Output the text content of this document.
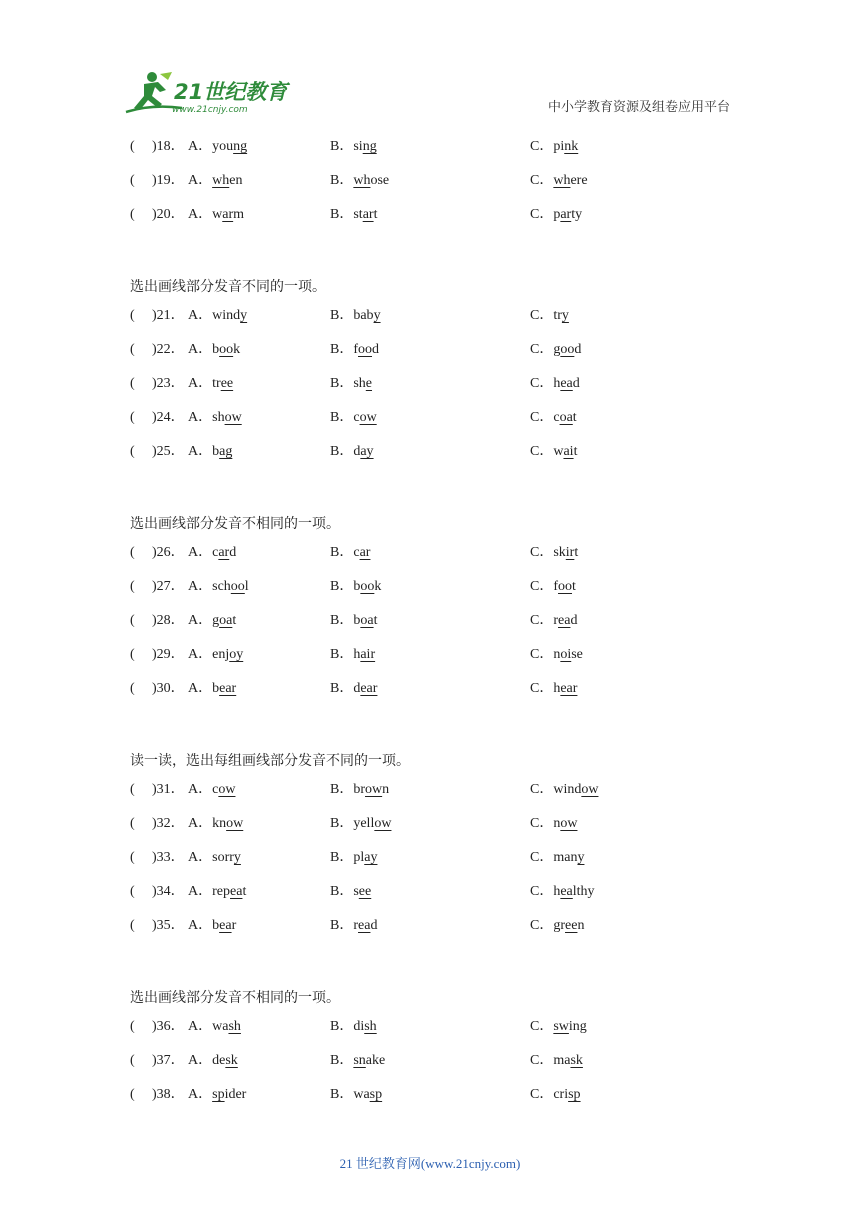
21世纪教育
www.21cnjy.com	中小学教育资源及组卷应用平台
( )18． A．young	B．sing	C．pink
( )19． A．when	B．whose	C．where
( )20． A．warm	B．start	C．party
选出画线部分发音不同的一项。
( )21． A．windy	B．baby	C．try
( )22． A．book	B．food	C．good
( )23． A．tree	B．she	C．head
( )24． A．show	B．cow	C．coat
( )25． A．bag	B．day	C．wait
选出画线部分发音不相同的一项。
( )26． A．card	B．car	C．skirt
( )27． A．school	B．book	C．foot
( )28． A．goat	B．boat	C．read
( )29． A．enjoy	B．hair	C．noise
( )30． A．bear	B．dear	C．hear
读一读，选出每组画线部分发音不同的一项。
( )31． A．cow	B．brown	C．window
( )32． A．know	B．yellow	C．now
( )33． A．sorry	B．play	C．many
( )34． A．repeat	B．see	C．healthy
( )35． A．bear	B．read	C．green
选出画线部分发音不相同的一项。
( )36． A．wash	B．dish	C．swing
( )37． A．desk	B．snake	C．mask
( )38． A．spider	B．wasp	C．crisp
21 世纪教育网(www.21cnjy.com)
